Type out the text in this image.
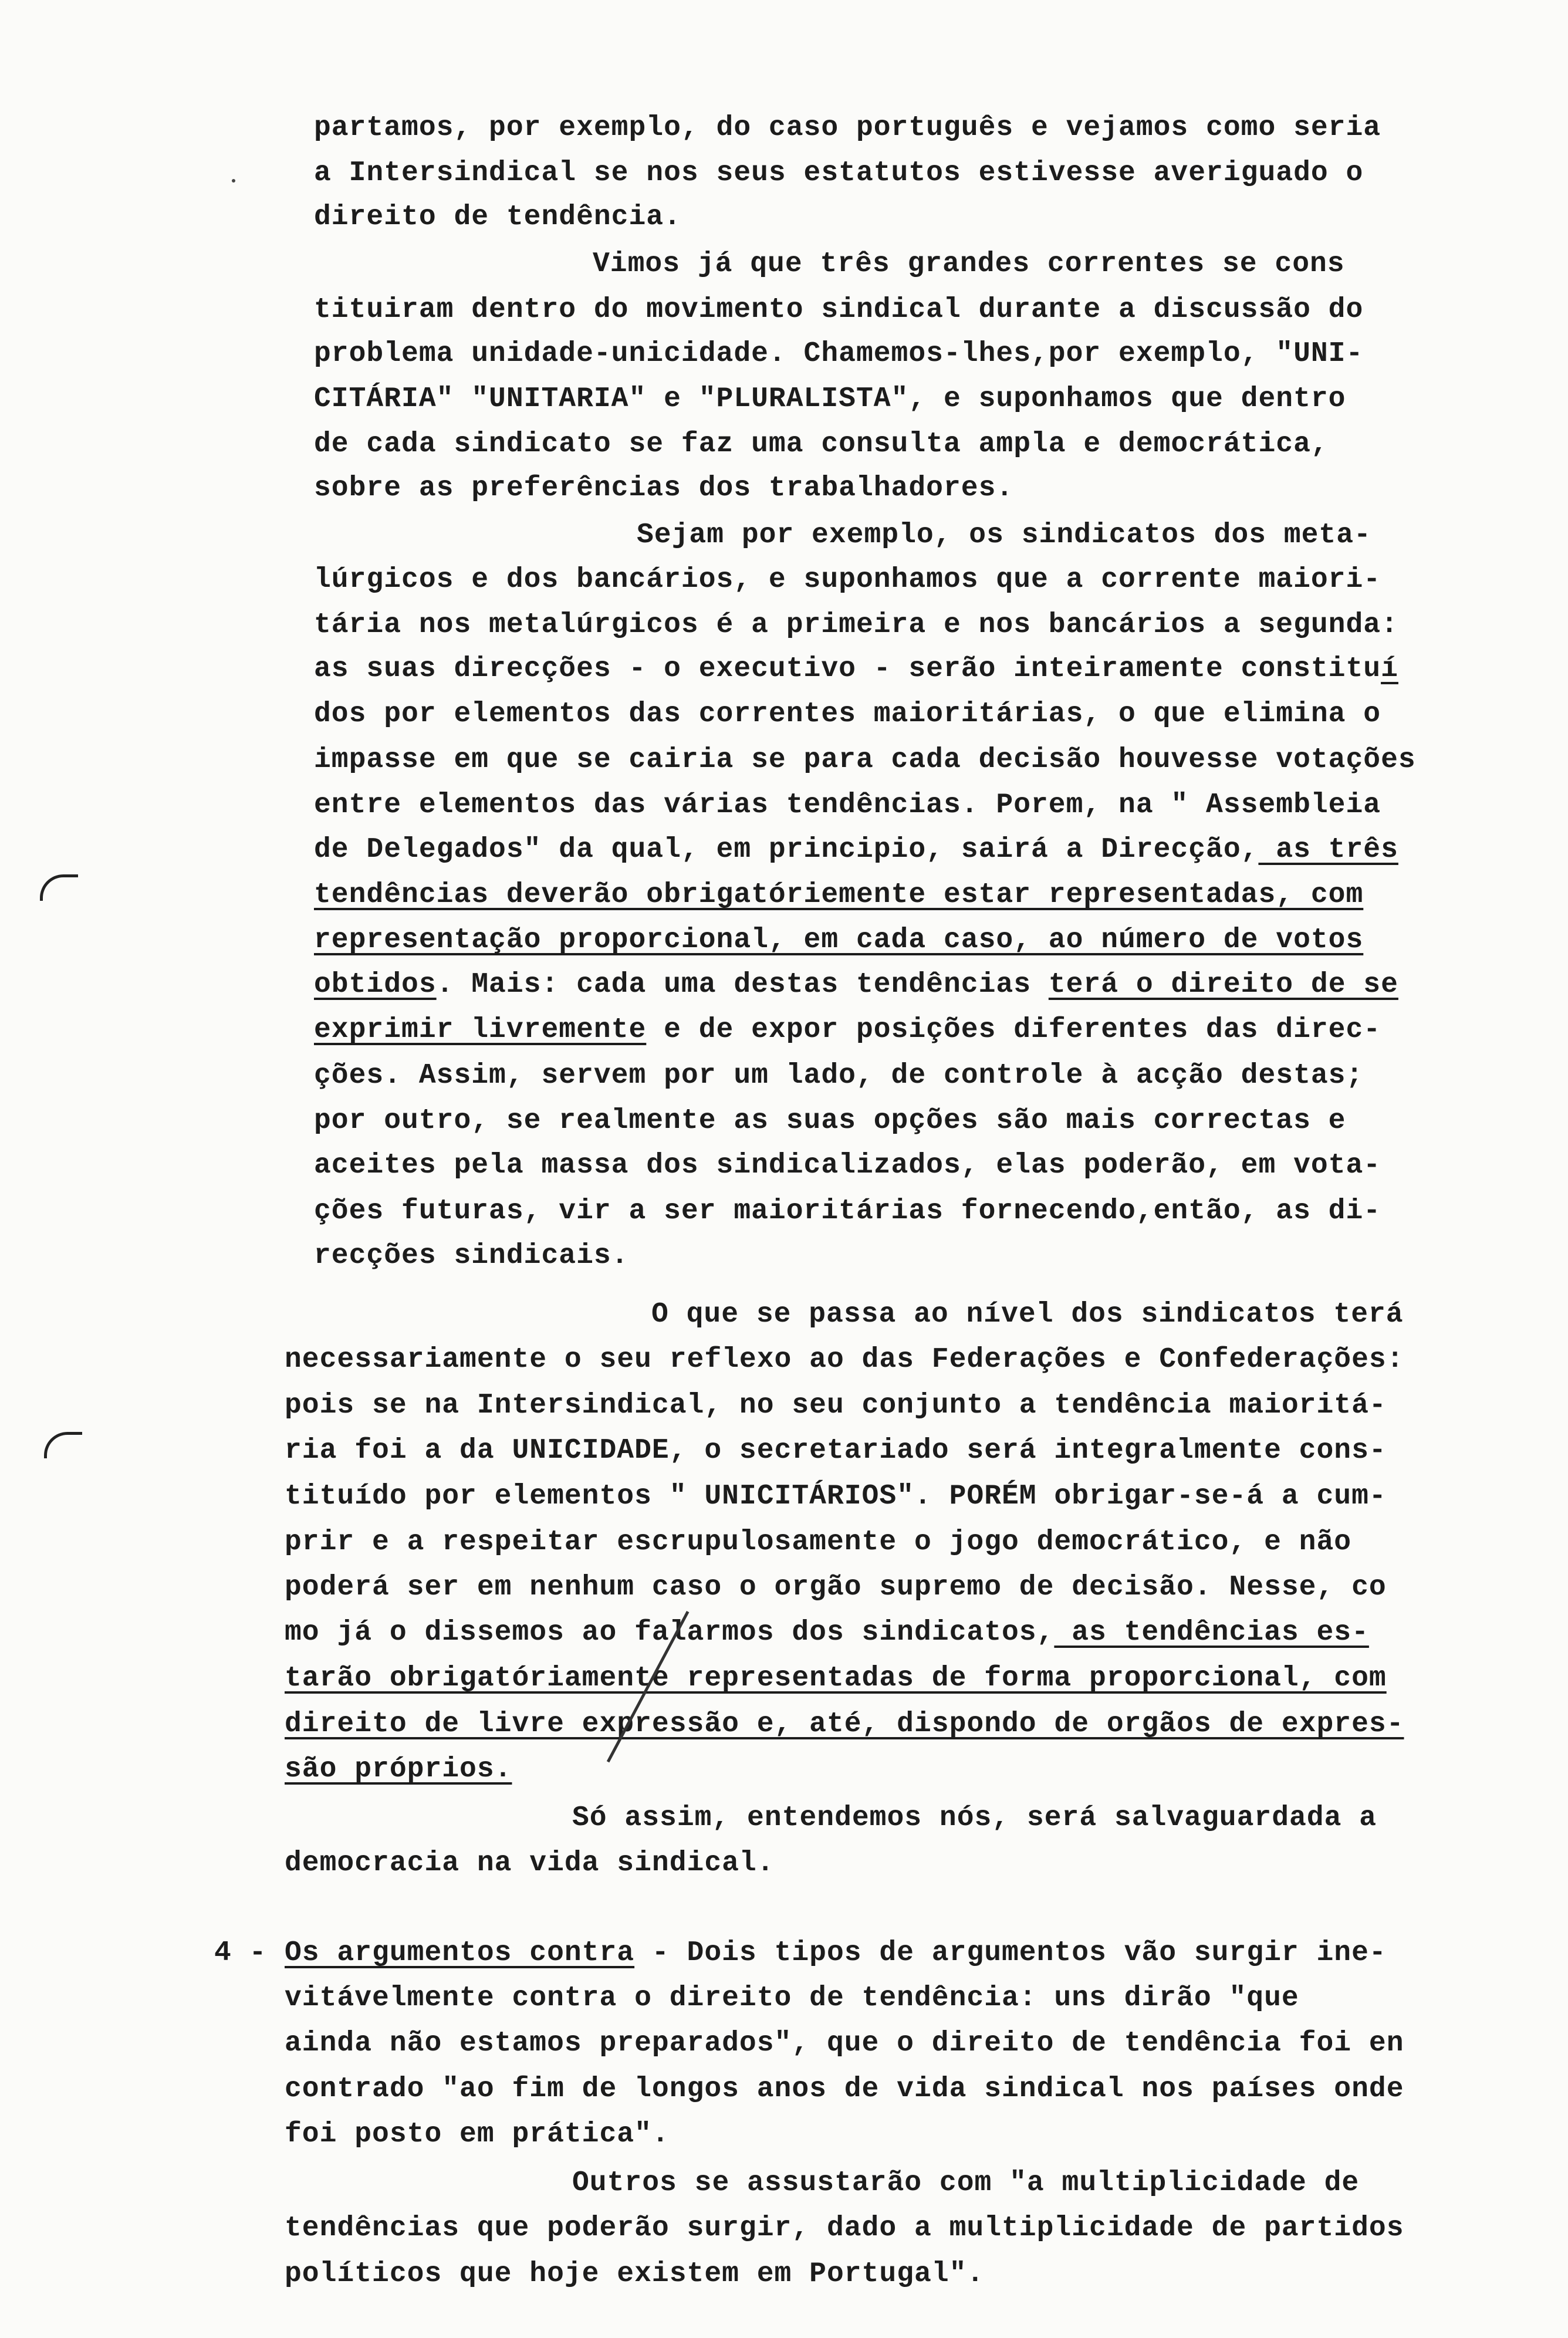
partamos, por exemplo, do caso português e vejamos como seria
a Intersindical se nos seus estatutos estivesse averiguado o
direito de tendência.
Vimos já que três grandes correntes se cons
tituiram dentro do movimento sindical durante a discussão do
problema unidade-unicidade. Chamemos-lhes,por exemplo, "UNI-
CITÁRIA" "UNITARIA" e "PLURALISTA", e suponhamos que dentro
de cada sindicato se faz uma consulta ampla e democrática,
sobre as preferências dos trabalhadores.
Sejam por exemplo, os sindicatos dos meta-
lúrgicos e dos bancários, e suponhamos que a corrente maiori-
tária nos metalúrgicos é a primeira e nos bancários a segunda:
as suas direcções - o executivo - serão inteiramente constituí
dos por elementos das correntes maioritárias, o que elimina o
impasse em que se cairia se para cada decisão houvesse votações
entre elementos das várias tendências. Porem, na " Assembleia
de Delegados" da qual, em principio, sairá a Direcção, as três
tendências deverão obrigatóriemente estar representadas, com
representação proporcional, em cada caso, ao número de votos
obtidos. Mais: cada uma destas tendências terá o direito de se
exprimir livremente e de expor posições diferentes das direc-
ções. Assim, servem por um lado, de controle à acção destas;
por outro, se realmente as suas opções são mais correctas e
aceites pela massa dos sindicalizados, elas poderão, em vota-
ções futuras, vir a ser maioritárias fornecendo,então, as di-
recções sindicais.
O que se passa ao nível dos sindicatos terá
necessariamente o seu reflexo ao das Federações e Confederações:
pois se na Intersindical, no seu conjunto a tendência maioritá-
ria foi a da UNICIDADE, o secretariado será integralmente cons-
tituído por elementos " UNICITÁRIOS". PORÉM obrigar-se-á a cum-
prir e a respeitar escrupulosamente o jogo democrático, e não
poderá ser em nenhum caso o orgão supremo de decisão. Nesse, co
mo já o dissemos ao falarmos dos sindicatos, as tendências es-
tarão obrigatóriamente representadas de forma proporcional, com
direito de livre expressão e, até, dispondo de orgãos de expres-
são próprios.
Só assim, entendemos nós, será salvaguardada a
democracia na vida sindical.
4 - Os argumentos contra - Dois tipos de argumentos vão surgir ine-
vitávelmente contra o direito de tendência: uns dirão "que
ainda não estamos preparados", que o direito de tendência foi en
contrado "ao fim de longos anos de vida sindical nos países onde
foi posto em prática".
Outros se assustarão com "a multiplicidade de
tendências que poderão surgir, dado a multiplicidade de partidos
políticos que hoje existem em Portugal".
